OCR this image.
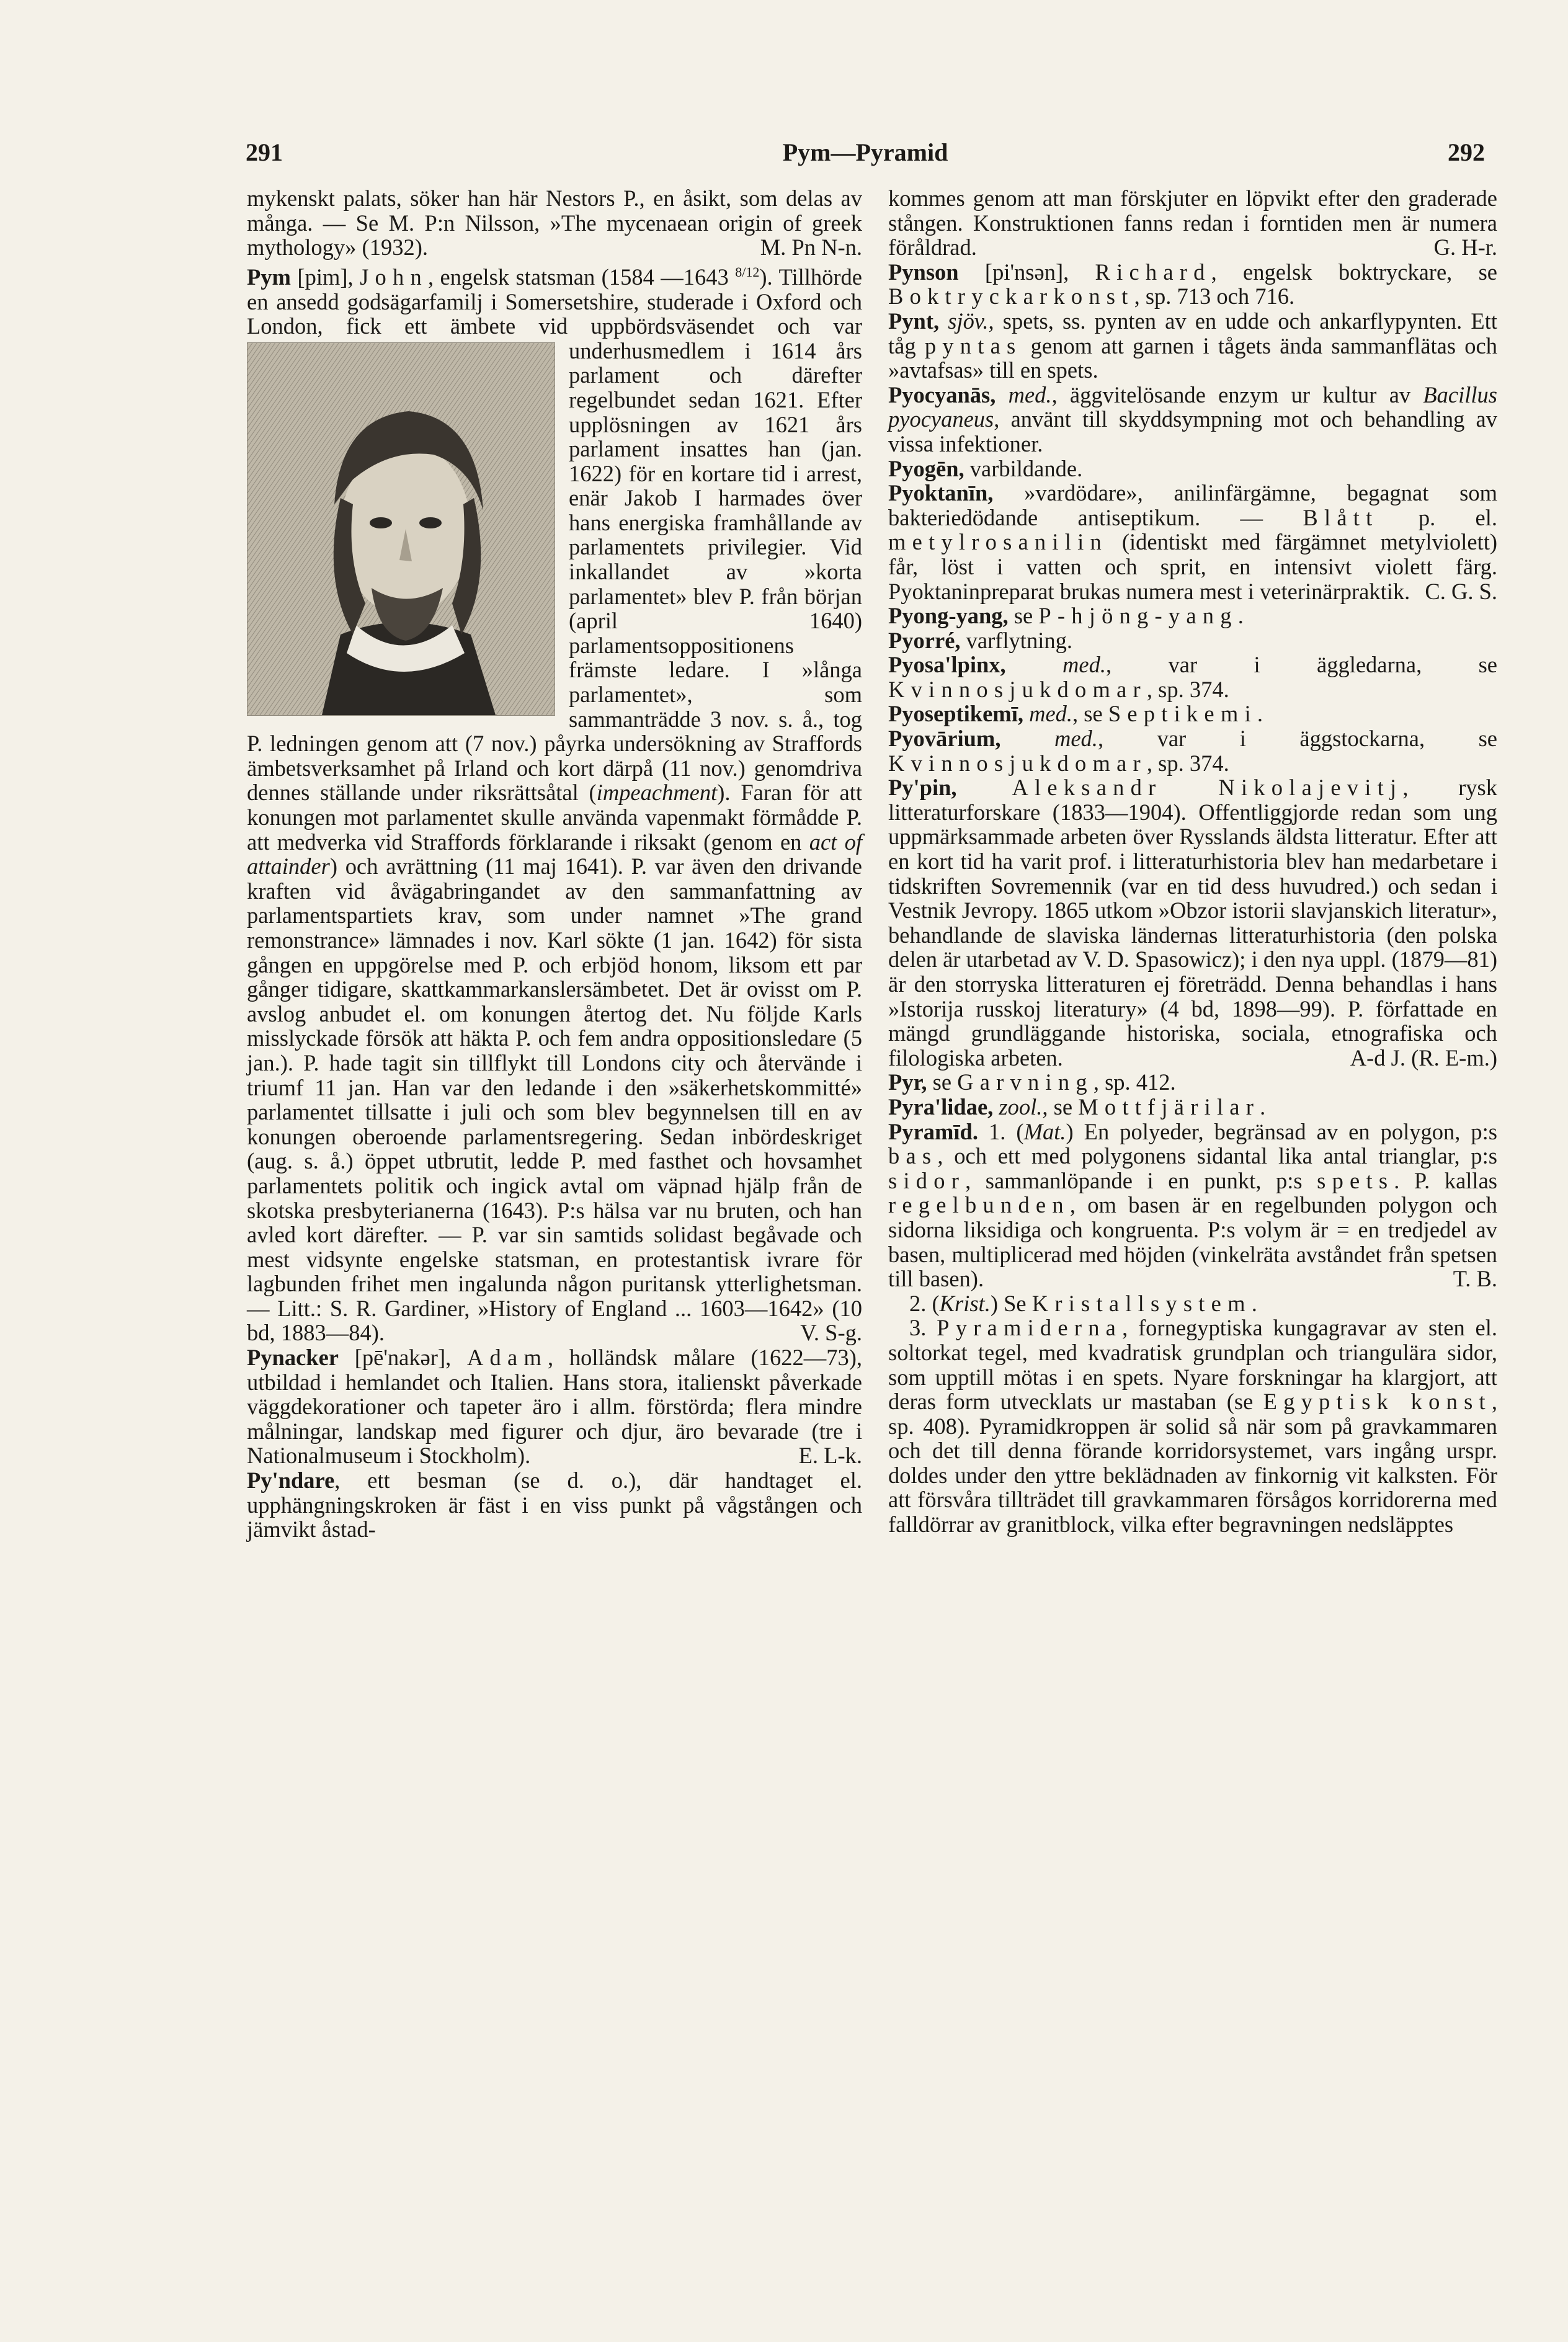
291	Pym—Pyramid	292

mykenskt palats, söker han här Nestors P., en åsikt, som delas av många. — Se M. P:n Nilsson, »The mycenaean origin of greek mythology» (1932).	M. Pn N-n.

Pym [pim], John, engelsk statsman (1584 —1643 $^{8/12}$). Tillhörde en ansedd godsägarfamilj i Somersetshire, studerade i Oxford och London, fick ett ämbete vid uppbördsväsendet
och var underhusmedlem i 1614 års parlament och därefter regelbundet sedan 1621. Efter upplösningen av 1621 års parlament insattes han (jan. 1622) för en kortare tid i arrest, enär Jakob I harmades över hans energiska framhållande av parlamentets privilegier. Vid inkallandet av »korta parlamentet» blev P. från början (april 1640) parlamentsoppositionens främste ledare. I »långa parlamentet», som sammanträdde 3 nov. s. å., tog P. ledningen genom att (7 nov.) påyrka undersökning av Straffords ämbetsverksamhet på Irland och kort därpå (11 nov.) genomdriva dennes ställande under riksrättsåtal (impeachment). Faran för att konungen mot parlamentet skulle använda vapenmakt förmådde P. att medverka vid Straffords förklarande i riksakt (genom en act of attainder) och avrättning (11 maj 1641). P. var även den drivande kraften vid åvägabringandet av den sammanfattning av parlamentspartiets krav, som under namnet »The grand remonstrance» lämnades i nov. Karl sökte (1 jan. 1642) för sista gången en uppgörelse med P. och erbjöd honom, liksom ett par gånger tidigare, skattkammarkanslersämbetet. Det är ovisst om P. avslog anbudet el. om konungen återtog det. Nu följde Karls misslyckade försök att häkta P. och fem andra oppositionsledare (5 jan.). P. hade tagit sin tillflykt till Londons city och återvände i triumf 11 jan. Han var den ledande i den »säkerhetskommitté» parlamentet tillsatte i juli och som blev begynnelsen till en av konungen oberoende parlamentsregering. Sedan inbördeskriget (aug. s. å.) öppet utbrutit, ledde P. med fasthet och hovsamhet parlamentets politik och ingick avtal om väpnad hjälp från de skotska presbyterianerna (1643). P:s hälsa var nu bruten, och han avled kort därefter. — P. var sin samtids solidast begåvade och mest vidsynte engelske statsman, en protestantisk ivrare för lagbunden frihet men ingalunda någon puritansk ytterlighetsman. — Litt.: S. R. Gardiner, »History of England ... 1603—1642» (10 bd, 1883—84).	V. S-g.

Pynacker [pē'nakər], Adam, holländsk målare (1622—73), utbildad i hemlandet och Italien. Hans stora, italienskt påverkade väggdekorationer och tapeter äro i allm. förstörda; flera mindre målningar, landskap med figurer och djur, äro bevarade (tre i Nationalmuseum i Stockholm).	E. L-k.

Py'ndare, ett besman (se d. o.), där handtaget el. upphängningskroken är fäst i en viss punkt på vågstången och jämvikt åstad-

kommes genom att man förskjuter en löpvikt efter den graderade stången. Konstruktionen fanns redan i forntiden men är numera föråldrad.	G. H-r.

Pynson [pi'nsən], Richard, engelsk boktryckare, se Boktryckarkonst, sp. 713 och 716.

Pynt, sjöv., spets, ss. pynten av en udde och ankarflypynten. Ett tåg pyntas genom att garnen i tågets ända sammanflätas och »avtafsas» till en spets.

Pyocyanās, med., äggvitelösande enzym ur kultur av Bacillus pyocyaneus, använt till skyddsympning mot och behandling av vissa infektioner.

Pyogēn, varbildande.

Pyoktanīn, »vardödare», anilinfärgämne, begagnat som bakteriedödande antiseptikum. — Blått p. el. metylrosanilin (identiskt med färgämnet metylviolett) får, löst i vatten och sprit, en intensivt violett färg. Pyoktaninpreparat brukas numera mest i veterinärpraktik. C. G. S.

Pyong-yang, se P-hjöng-yang.

Pyorré, varflytning.

Pyosa'lpinx, med., var i äggledarna, se Kvinnosjukdomar, sp. 374.

Pyoseptikemī, med., se Septikemi.

Pyovārium, med., var i äggstockarna, se Kvinnosjukdomar, sp. 374.

Py'pin, Aleksandr Nikolajevitj, rysk litteraturforskare (1833—1904). Offentliggjorde redan som ung uppmärksammade arbeten över Rysslands äldsta litteratur. Efter att en kort tid ha varit prof. i litteraturhistoria blev han medarbetare i tidskriften Sovremennik (var en tid dess huvudred.) och sedan i Vestnik Jevropy. 1865 utkom »Obzor istorii slavjanskich literatur», behandlande de slaviska ländernas litteraturhistoria (den polska delen är utarbetad av V. D. Spasowicz); i den nya uppl. (1879—81) är den storryska litteraturen ej företrädd. Denna behandlas i hans »Istorija russkoj literatury» (4 bd, 1898—99). P. författade en mängd grundläggande historiska, sociala, etnografiska och filologiska arbeten.	A-d J. (R. E-m.)

Pyr, se Garvning, sp. 412.

Pyra'lidae, zool., se Mottfjärilar.

Pyramīd. 1. (Mat.) En polyeder, begränsad av en polygon, p:s bas, och ett med polygonens sidantal lika antal trianglar, p:s sidor, sammanlöpande i en punkt, p:s spets. P. kallas regelbunden, om basen är en regelbunden polygon och sidorna liksidiga och kongruenta. P:s volym är = en tredjedel av basen, multiplicerad med höjden (vinkelräta avståndet från spetsen till basen).	T. B.

2. (Krist.) Se Kristallsystem.

3. Pyramiderna, fornegyptiska kungagravar av sten el. soltorkat tegel, med kvadratisk grundplan och triangulära sidor, som upptill mötas i en spets. Nyare forskningar ha klargjort, att deras form utvecklats ur mastaban (se Egyptisk konst, sp. 408). Pyramidkroppen är solid så när som på gravkammaren och det till denna förande korridorsystemet, vars ingång urspr. doldes under den yttre beklädnaden av finkornig vit kalksten. För att försvåra tillträdet till gravkammaren försågos korridorerna med falldörrar av granitblock, vilka efter begravningen nedsläpptes
